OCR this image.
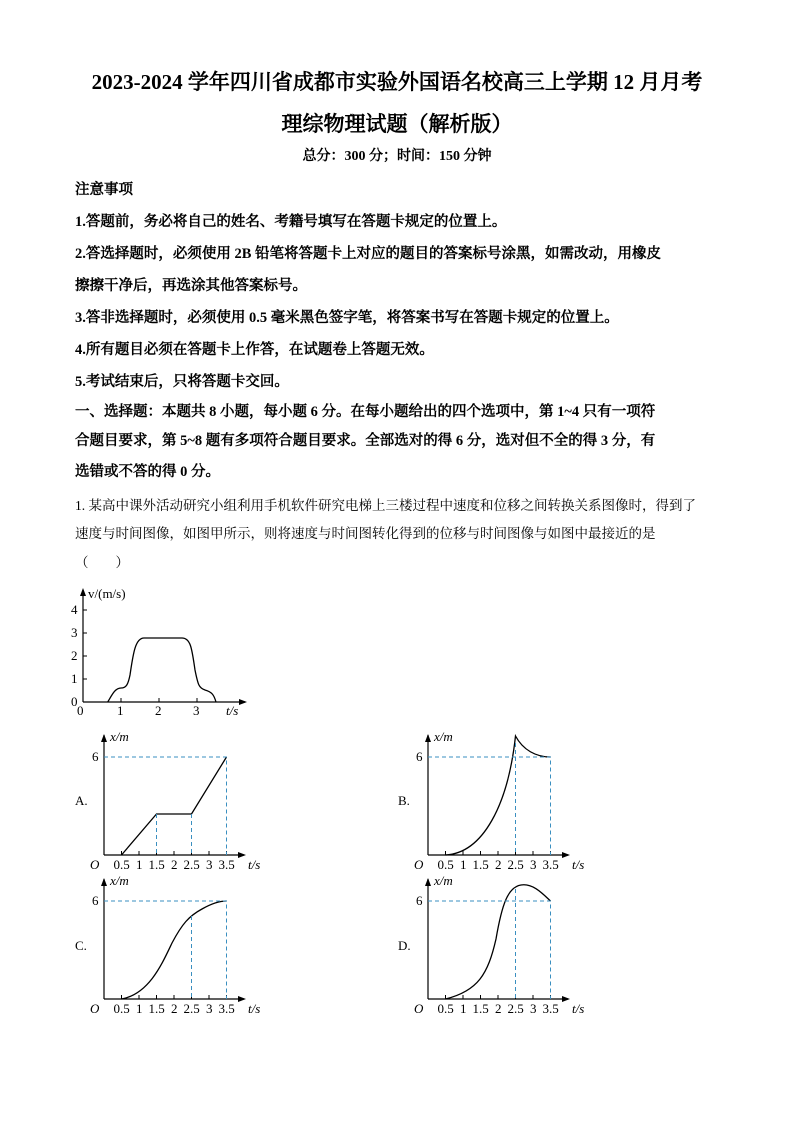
2023-2024 学年四川省成都市实验外国语名校高三上学期 12 月月考
理综物理试题（解析版）
总分：300 分；时间：150 分钟
注意事项
1.答题前，务必将自己的姓名、考籍号填写在答题卡规定的位置上。
2.答选择题时，必须使用 2B 铅笔将答题卡上对应的题目的答案标号涂黑，如需改动，用橡皮
擦擦干净后，再选涂其他答案标号。
3.答非选择题时，必须使用 0.5 毫米黑色签字笔，将答案书写在答题卡规定的位置上。
4.所有题目必须在答题卡上作答，在试题卷上答题无效。
5.考试结束后，只将答题卡交回。
一、选择题：本题共 8 小题，每小题 6 分。在每小题给出的四个选项中，第 1~4 只有一项符
合题目要求，第 5~8 题有多项符合题目要求。全部选对的得 6 分，选对但不全的得 3 分，有
选错或不答的得 0 分。
1. 某高中课外活动研究小组利用手机软件研究电梯上三楼过程中速度和位移之间转换关系图像时，得到了
速度与时间图像，如图甲所示，则将速度与时间图转化得到的位移与时间图像与如图中最接近的是
（　　）
v/(m/s)
4
3
2
1
0
0	1 2 3 t/s
A.	B.
C.	D.
0.5 1 1.5 2 2.5 3 3.5
O	t/s
x/m
6
0.5 1 1.5 2 2.5 3 3.5
O	t/s
x/m
6
0.5 1 1.5 2 2.5 3 3.5
O	t/s
x/m
6
0.5 1 1.5 2 2.5 3 3.5
O	t/s
x/m
6
